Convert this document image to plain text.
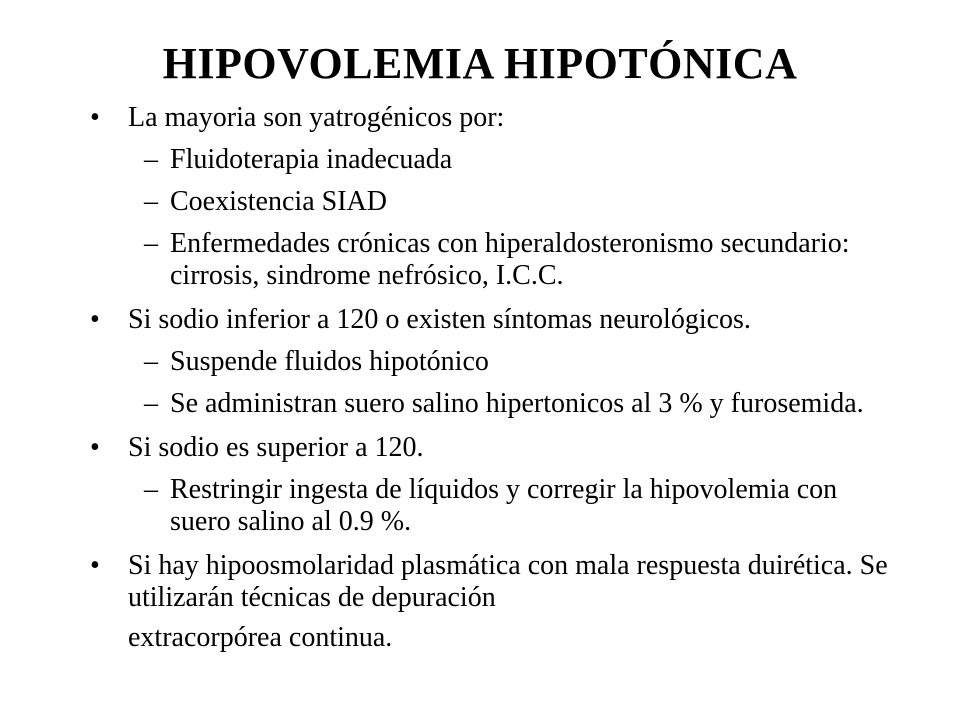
HIPOVOLEMIA HIPOTÓNICA
• La mayoria son yatrogénicos por:
– Fluidoterapia inadecuada
– Coexistencia SIAD
– Enfermedades crónicas con hiperaldosteronismo secundario: cirrosis, sindrome nefrósico, I.C.C.
• Si sodio inferior a 120 o existen síntomas neurológicos.
– Suspende fluidos hipotónico
– Se administran suero salino hipertonicos al 3 % y furosemida.
• Si sodio es superior a 120.
– Restringir ingesta de líquidos y corregir la hipovolemia con suero salino al 0.9 %.
• Si hay hipoosmolaridad plasmática con mala respuesta duirética. Se utilizarán técnicas de depuración
extracorpórea continua.
